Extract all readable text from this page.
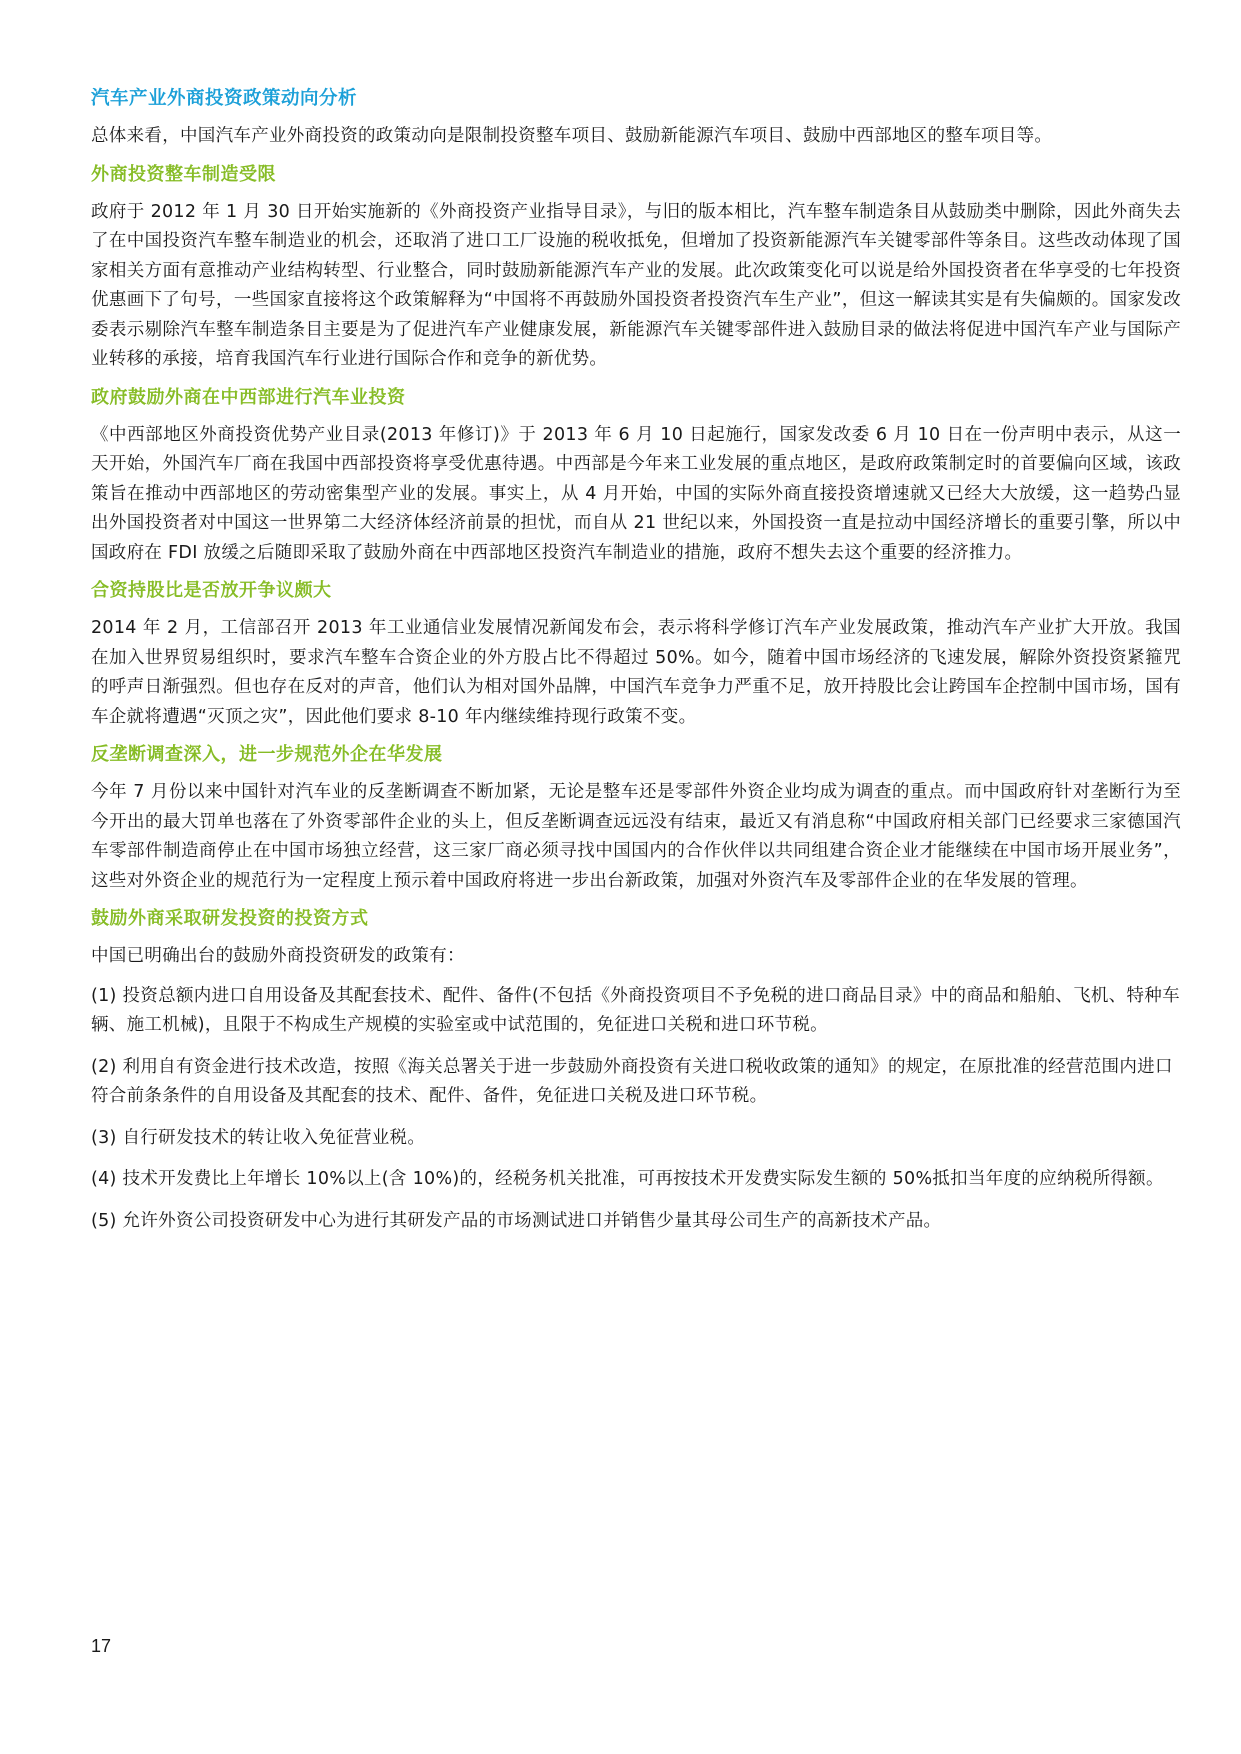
汽车产业外商投资政策动向分析

总体来看，中国汽车产业外商投资的政策动向是限制投资整车项目、鼓励新能源汽车项目、鼓励中西部地区的整车项目等。

外商投资整车制造受限

政府于 2012 年 1 月 30 日开始实施新的《外商投资产业指导目录》，与旧的版本相比，汽车整车制造条目从鼓励类中删除，因此外商失去了在中国投资汽车整车制造业的机会，还取消了进口工厂设施的税收抵免，但增加了投资新能源汽车关键零部件等条目。这些改动体现了国家相关方面有意推动产业结构转型、行业整合，同时鼓励新能源汽车产业的发展。此次政策变化可以说是给外国投资者在华享受的七年投资优惠画下了句号，一些国家直接将这个政策解释为“中国将不再鼓励外国投资者投资汽车生产业”，但这一解读其实是有失偏颇的。国家发改委表示剔除汽车整车制造条目主要是为了促进汽车产业健康发展，新能源汽车关键零部件进入鼓励目录的做法将促进中国汽车产业与国际产业转移的承接，培育我国汽车行业进行国际合作和竞争的新优势。

政府鼓励外商在中西部进行汽车业投资

《中西部地区外商投资优势产业目录(2013 年修订)》于 2013 年 6 月 10 日起施行，国家发改委 6 月 10 日在一份声明中表示，从这一天开始，外国汽车厂商在我国中西部投资将享受优惠待遇。中西部是今年来工业发展的重点地区，是政府政策制定时的首要偏向区域，该政策旨在推动中西部地区的劳动密集型产业的发展。事实上，从 4 月开始，中国的实际外商直接投资增速就又已经大大放缓，这一趋势凸显出外国投资者对中国这一世界第二大经济体经济前景的担忧，而自从 21 世纪以来，外国投资一直是拉动中国经济增长的重要引擎，所以中国政府在 FDI 放缓之后随即采取了鼓励外商在中西部地区投资汽车制造业的措施，政府不想失去这个重要的经济推力。

合资持股比是否放开争议颇大

2014 年 2 月，工信部召开 2013 年工业通信业发展情况新闻发布会，表示将科学修订汽车产业发展政策，推动汽车产业扩大开放。我国在加入世界贸易组织时，要求汽车整车合资企业的外方股占比不得超过 50%。如今，随着中国市场经济的飞速发展，解除外资投资紧箍咒的呼声日渐强烈。但也存在反对的声音，他们认为相对国外品牌，中国汽车竞争力严重不足，放开持股比会让跨国车企控制中国市场，国有车企就将遭遇“灭顶之灾”，因此他们要求 8-10 年内继续维持现行政策不变。

反垄断调查深入，进一步规范外企在华发展

今年 7 月份以来中国针对汽车业的反垄断调查不断加紧，无论是整车还是零部件外资企业均成为调查的重点。而中国政府针对垄断行为至今开出的最大罚单也落在了外资零部件企业的头上，但反垄断调查远远没有结束，最近又有消息称“中国政府相关部门已经要求三家德国汽车零部件制造商停止在中国市场独立经营，这三家厂商必须寻找中国国内的合作伙伴以共同组建合资企业才能继续在中国市场开展业务”，这些对外资企业的规范行为一定程度上预示着中国政府将进一步出台新政策，加强对外资汽车及零部件企业的在华发展的管理。

鼓励外商采取研发投资的投资方式

中国已明确出台的鼓励外商投资研发的政策有：

(1) 投资总额内进口自用设备及其配套技术、配件、备件(不包括《外商投资项目不予免税的进口商品目录》中的商品和船舶、飞机、特种车辆、施工机械)，且限于不构成生产规模的实验室或中试范围的，免征进口关税和进口环节税。

(2) 利用自有资金进行技术改造，按照《海关总署关于进一步鼓励外商投资有关进口税收政策的通知》的规定，在原批准的经营范围内进口符合前条条件的自用设备及其配套的技术、配件、备件，免征进口关税及进口环节税。

(3) 自行研发技术的转让收入免征营业税。

(4) 技术开发费比上年增长 10%以上(含 10%)的，经税务机关批准，可再按技术开发费实际发生额的 50%抵扣当年度的应纳税所得额。

(5) 允许外资公司投资研发中心为进行其研发产品的市场测试进口并销售少量其母公司生产的高新技术产品。

17
